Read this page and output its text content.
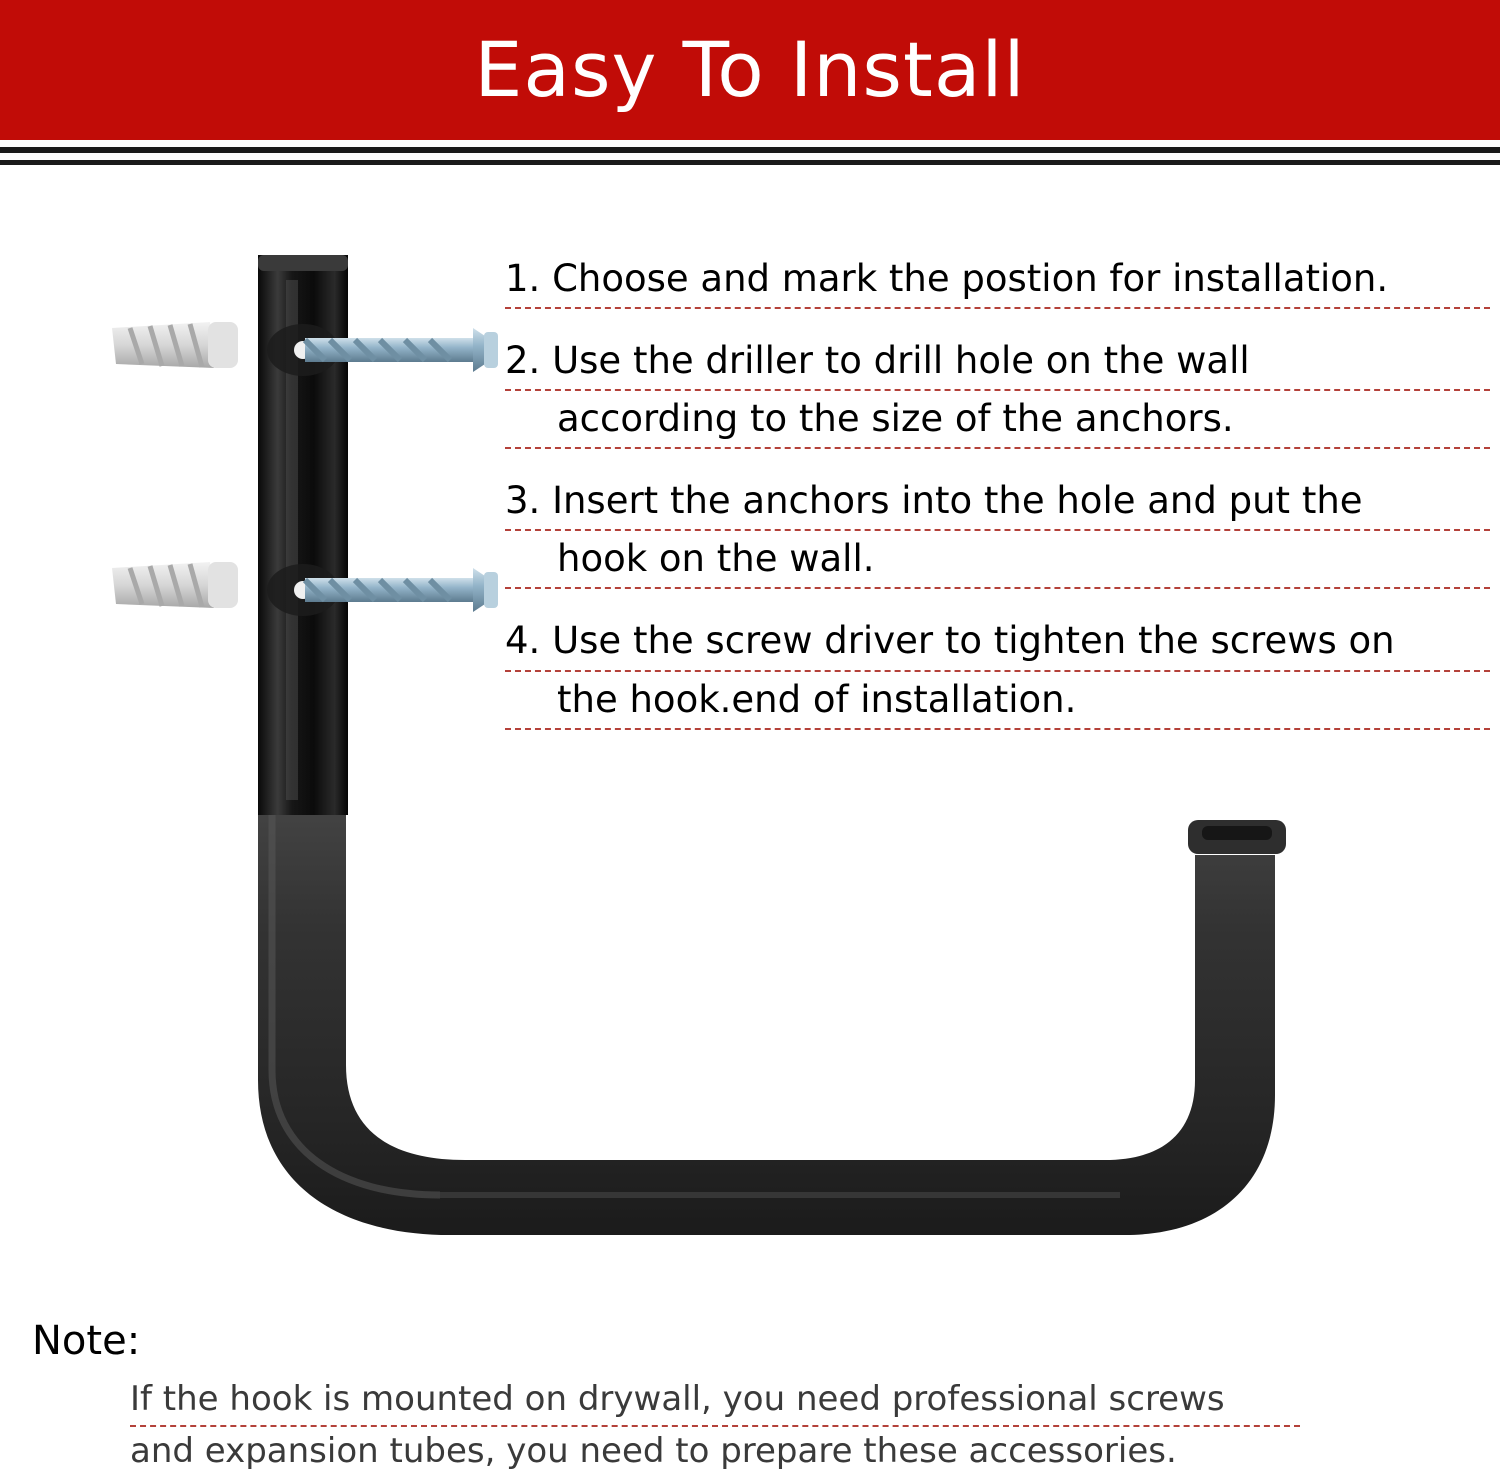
Easy To Install
1. Choose and mark the postion for installation.
2. Use the driller to drill hole on the wall
according to the size of the anchors.
3. Insert the anchors into the hole and put the
hook on the wall.
4. Use the screw driver to tighten the screws on
the hook.end of installation.
Note:
If the hook is mounted on drywall, you need professional screws
and expansion tubes, you need to prepare these accessories.
